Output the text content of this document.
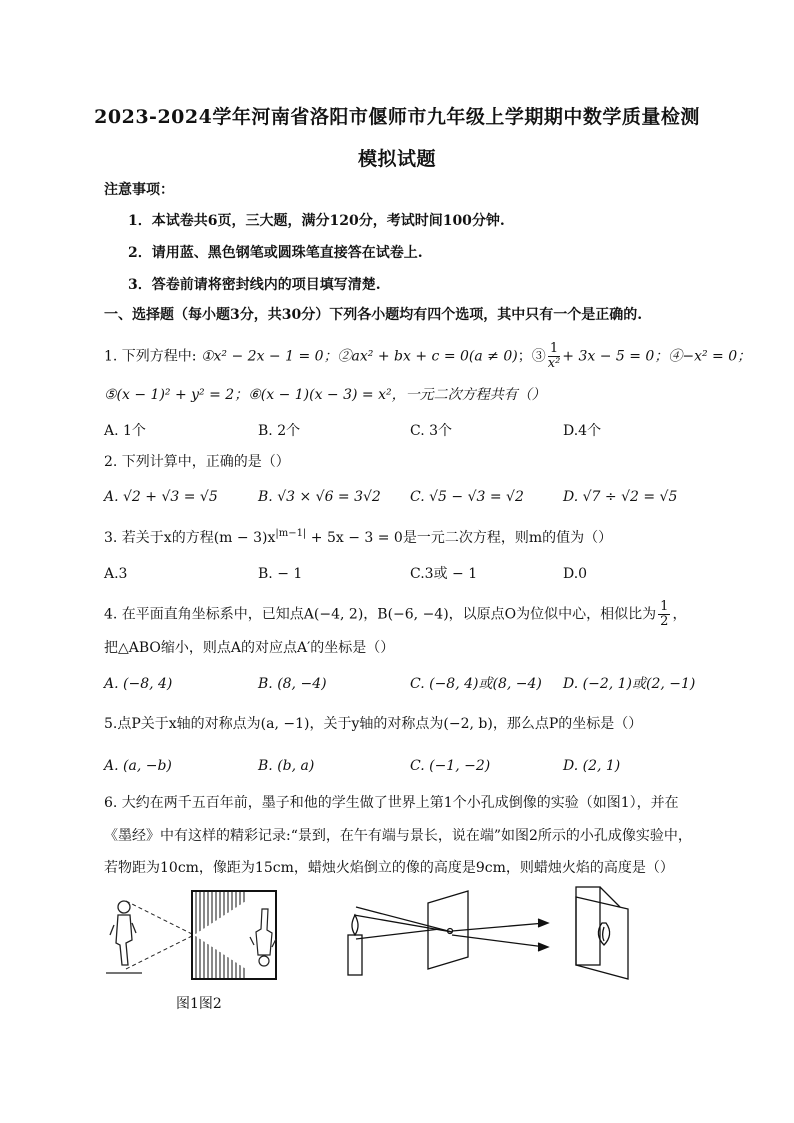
2023-2024学年河南省洛阳市偃师市九年级上学期期中数学质量检测
模拟试题
注意事项：
1．本试卷共6页，三大题，满分120分，考试时间100分钟.
2．请用蓝、黑色钢笔或圆珠笔直接答在试卷上.
3．答卷前请将密封线内的项目填写清楚.
一、选择题（每小题3分，共30分）下列各小题均有四个选项，其中只有一个是正确的.
1. 下列方程中: ①x² − 2x − 1 = 0；②ax² + bx + c = 0(a ≠ 0)；③ $\frac{1}{\text{x²}} + 3x - 5 = 0$；④−x² = 0；
⑤(x − 1)² + y² = 2；⑥(x − 1)(x − 3) = x²，一元二次方程共有（）
A. 1个	B. 2个	C. 3个	D.4个
2. 下列计算中，正确的是（）
A. √2 + √3 = √5	B. √3 × √6 = 3√2 C. √5 − √3 = √2	D. √7 ÷ √2 = √5
3. 若关于x的方程$(m - 3)x^{|m-1|} + 5x - 3 = 0$是一元二次方程，则m的值为（）
A.3	B. − 1	C.3或 − 1	D.0
4. 在平面直角坐标系中，已知点A(−4, 2)，B(−6, −4)，以原点O为位似中心，相似比为 $\frac{1}{2}$ ，
把△ABO缩小，则点A的对应点A′的坐标是（）
A. (−8, 4)	B. (8, −4)	C. (−8, 4)或(8, −4) D. (−2, 1)或(2, −1)
5.点P关于x轴的对称点为(a, −1)，关于y轴的对称点为(−2, b)，那么点P的坐标是（）
A. (a, −b)	B. (b, a)	C. (−1, −2)	D. (2, 1)
6. 大约在两千五百年前，墨子和他的学生做了世界上第1个小孔成倒像的实验（如图1），并在
《墨经》中有这样的精彩记录:“景到，在午有端与景长，说在端”如图2所示的小孔成像实验中，
若物距为10cm，像距为15cm，蜡烛火焰倒立的像的高度是9cm，则蜡烛火焰的高度是（）
图1图2
